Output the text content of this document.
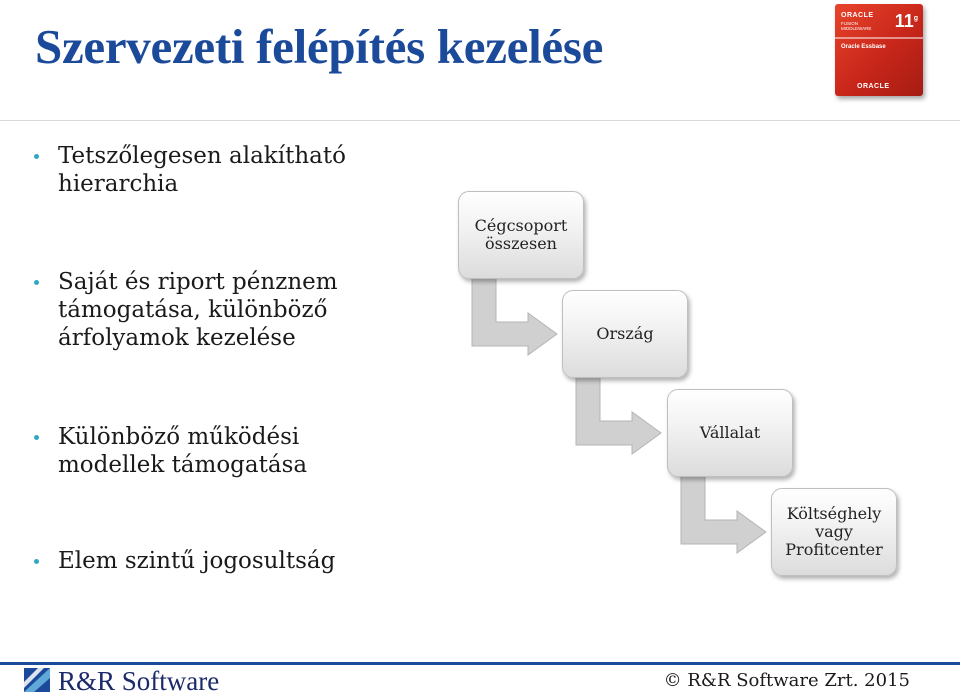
Szervezeti felépítés kezelése
ORACLE
FUSION MIDDLEWARE	11$^g$
Oracle Essbase
ORACLE
Tetszőlegesen alakítható
hierarchia
Saját és riport pénznem
támogatása, különböző
árfolyamok kezelése
Különböző működési
modellek támogatása
Elem szintű jogosultság
Cégcsoport
összesen
Ország
Vállalat
Költséghely
vagy
Profitcenter
R&R Software	© R&R Software Zrt. 2015
